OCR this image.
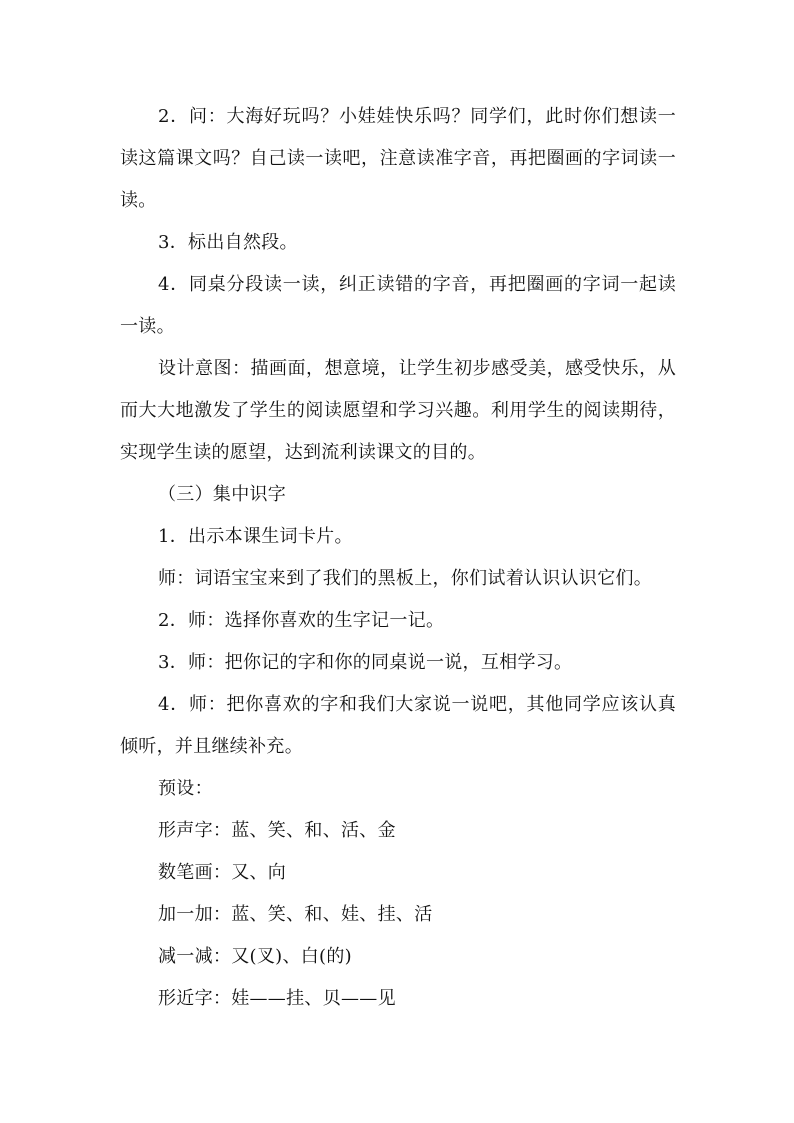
2．问：大海好玩吗？小娃娃快乐吗？同学们，此时你们想读一读这篇课文吗？自己读一读吧，注意读准字音，再把圈画的字词读一读。

3．标出自然段。

4．同桌分段读一读，纠正读错的字音，再把圈画的字词一起读一读。

设计意图：描画面，想意境，让学生初步感受美，感受快乐，从而大大地激发了学生的阅读愿望和学习兴趣。利用学生的阅读期待，实现学生读的愿望，达到流利读课文的目的。

（三）集中识字

1．出示本课生词卡片。

师：词语宝宝来到了我们的黑板上，你们试着认识认识它们。

2．师：选择你喜欢的生字记一记。

3．师：把你记的字和你的同桌说一说，互相学习。

4．师：把你喜欢的字和我们大家说一说吧，其他同学应该认真倾听，并且继续补充。

预设：

形声字：蓝、笑、和、活、金

数笔画：又、向

加一加：蓝、笑、和、娃、挂、活

减一减：又(叉)、白(的)

形近字：娃——挂、贝——见
